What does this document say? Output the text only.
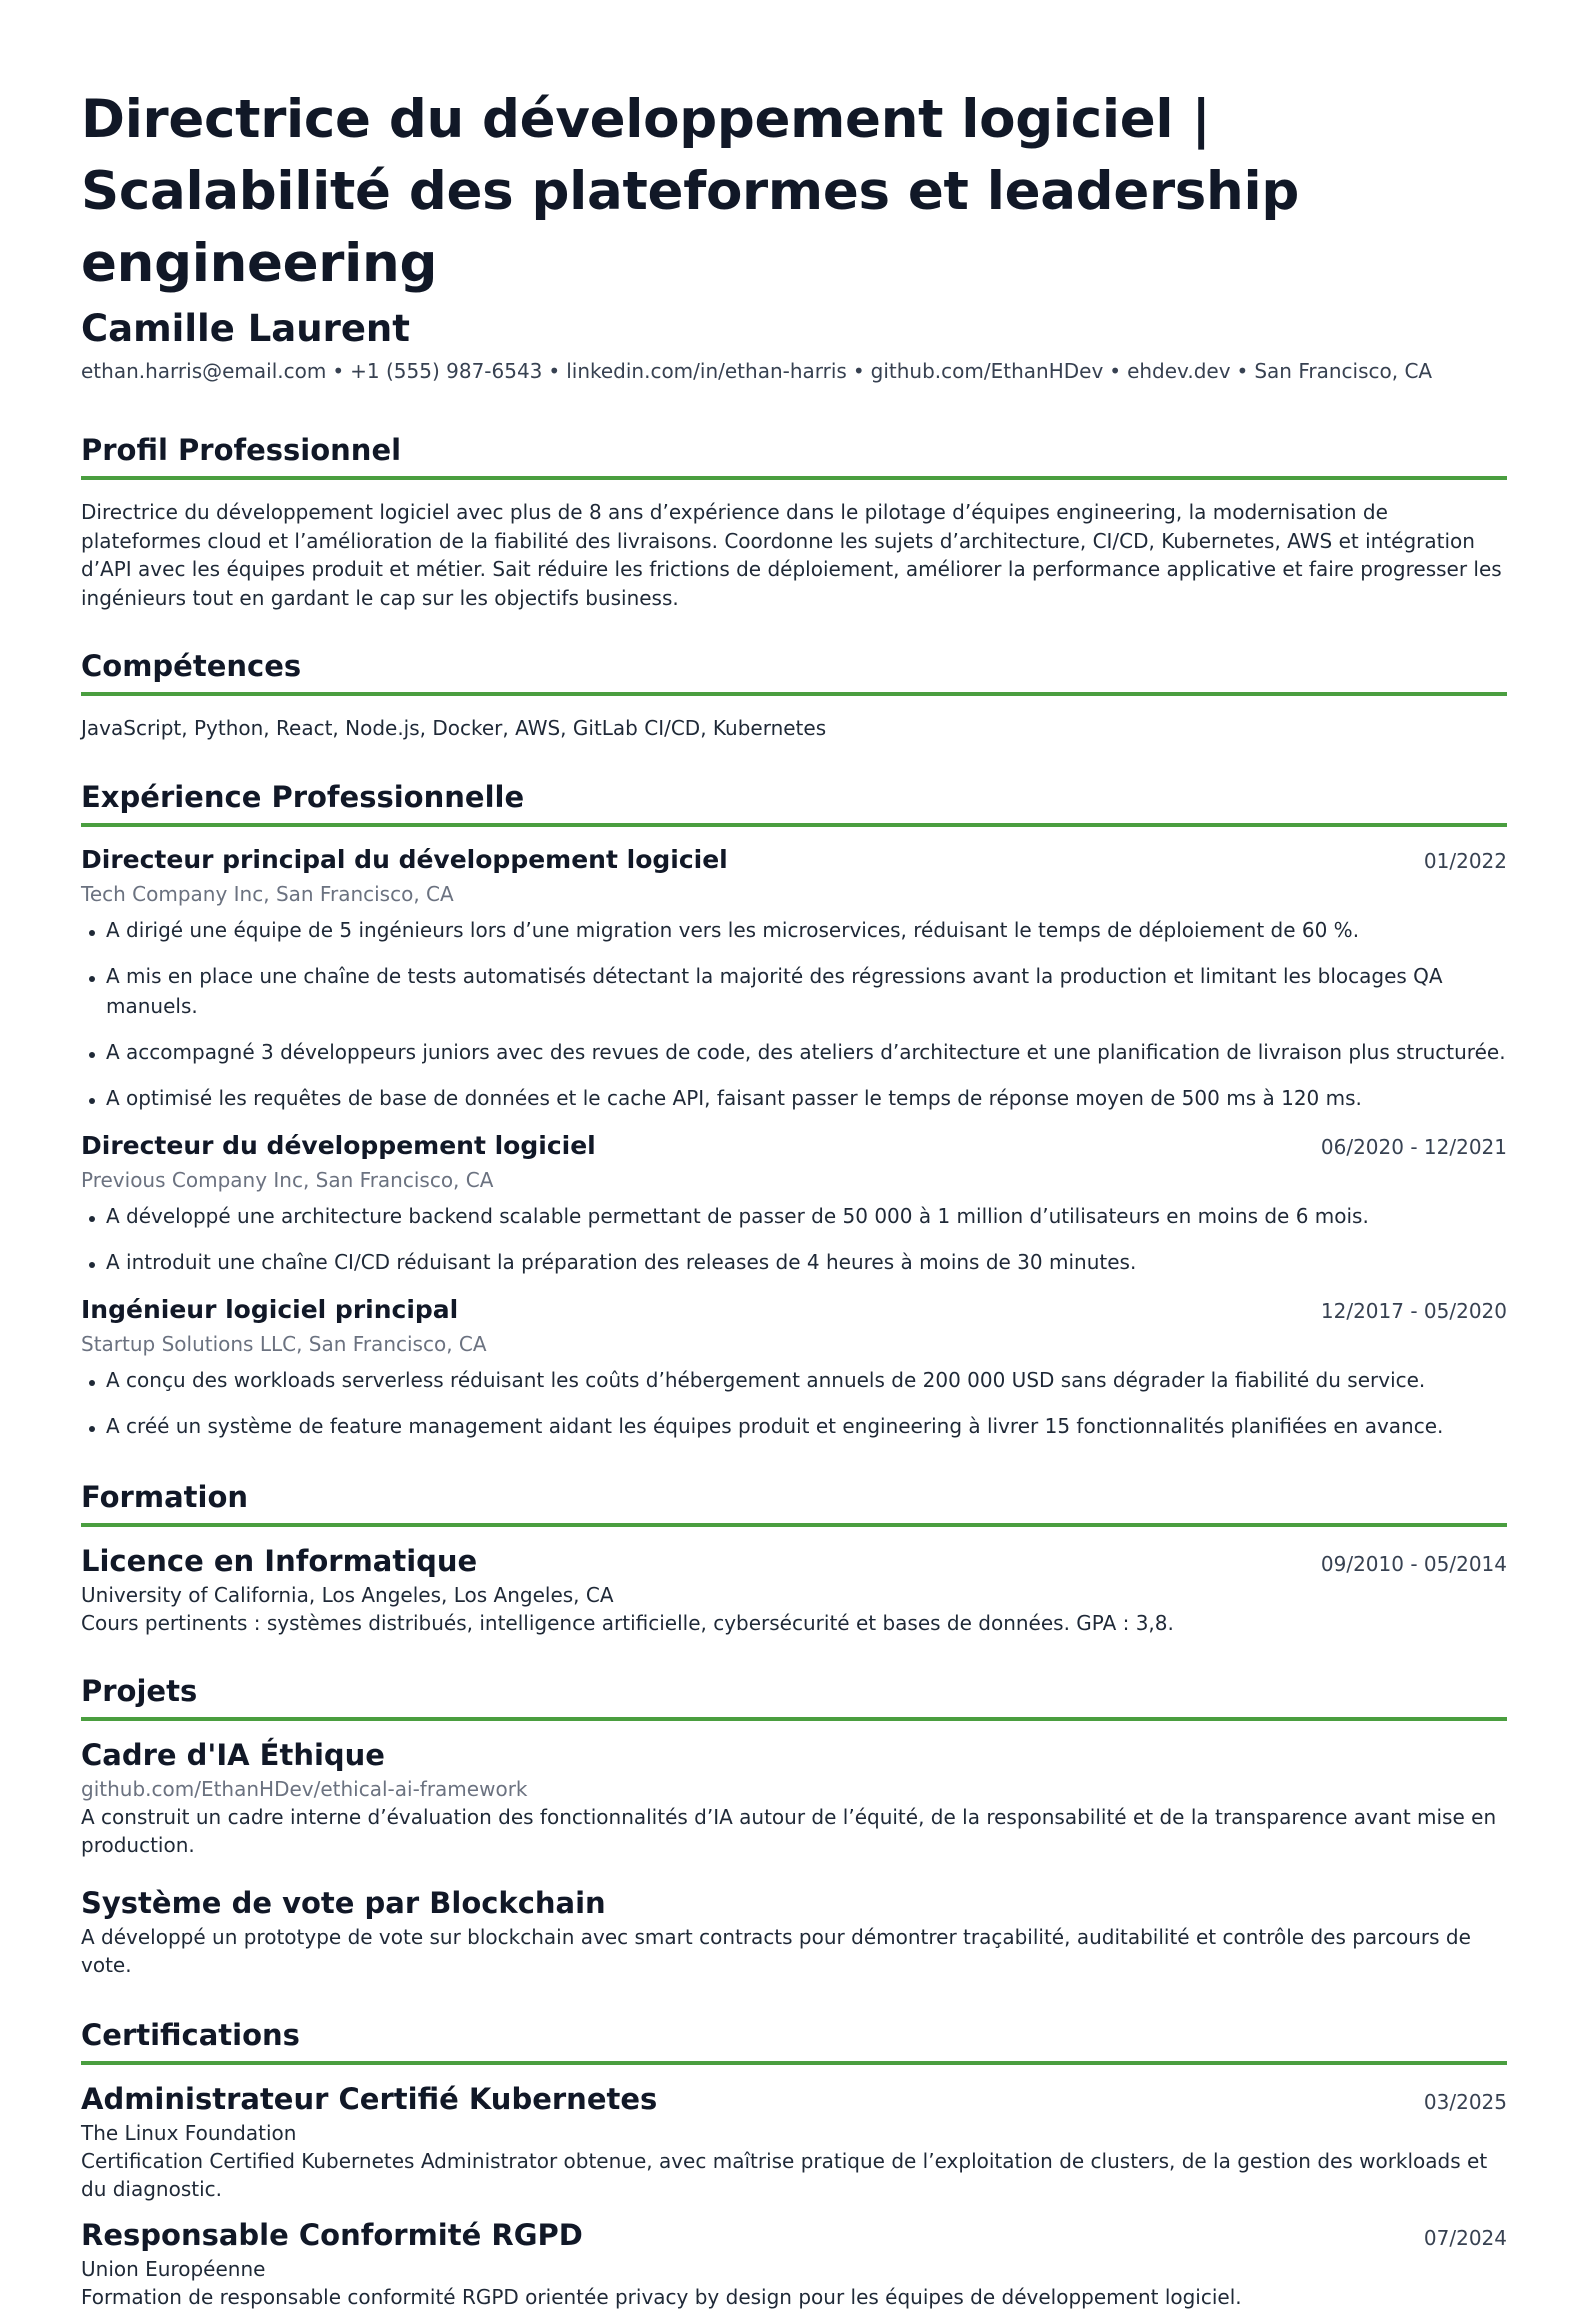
Directrice du développement logiciel | Scalabilité des plateformes et leadership engineering
Camille Laurent
ethan.harris@email.com • +1 (555) 987-6543 • linkedin.com/in/ethan-harris • github.com/EthanHDev • ehdev.dev • San Francisco, CA
Profil Professionnel

Directrice du développement logiciel avec plus de 8 ans d’expérience dans le pilotage d’équipes engineering, la modernisation de plateformes cloud et l’amélioration de la fiabilité des livraisons. Coordonne les sujets d’architecture, CI/CD, Kubernetes, AWS et intégration d’API avec les équipes produit et métier. Sait réduire les frictions de déploiement, améliorer la performance applicative et faire progresser les ingénieurs tout en gardant le cap sur les objectifs business.

Compétences

JavaScript, Python, React, Node.js, Docker, AWS, GitLab CI/CD, Kubernetes

Expérience Professionnelle
Directeur principal du développement logiciel	01/2022
Tech Company Inc, San Francisco, CA
A dirigé une équipe de 5 ingénieurs lors d’une migration vers les microservices, réduisant le temps de déploiement de 60 %.
A mis en place une chaîne de tests automatisés détectant la majorité des régressions avant la production et limitant les blocages QA manuels.
A accompagné 3 développeurs juniors avec des revues de code, des ateliers d’architecture et une planification de livraison plus structurée.
A optimisé les requêtes de base de données et le cache API, faisant passer le temps de réponse moyen de 500 ms à 120 ms.
Directeur du développement logiciel	06/2020 - 12/2021
Previous Company Inc, San Francisco, CA
A développé une architecture backend scalable permettant de passer de 50 000 à 1 million d’utilisateurs en moins de 6 mois.
A introduit une chaîne CI/CD réduisant la préparation des releases de 4 heures à moins de 30 minutes.
Ingénieur logiciel principal	12/2017 - 05/2020
Startup Solutions LLC, San Francisco, CA
A conçu des workloads serverless réduisant les coûts d’hébergement annuels de 200 000 USD sans dégrader la fiabilité du service.
A créé un système de feature management aidant les équipes produit et engineering à livrer 15 fonctionnalités planifiées en avance.
Formation
Licence en Informatique	09/2010 - 05/2014
University of California, Los Angeles, Los Angeles, CA
Cours pertinents : systèmes distribués, intelligence artificielle, cybersécurité et bases de données. GPA : 3,8.
Projets
Cadre d'IA Éthique
github.com/EthanHDev/ethical-ai-framework
A construit un cadre interne d’évaluation des fonctionnalités d’IA autour de l’équité, de la responsabilité et de la transparence avant mise en production.
Système de vote par Blockchain
A développé un prototype de vote sur blockchain avec smart contracts pour démontrer traçabilité, auditabilité et contrôle des parcours de vote.
Certifications
Administrateur Certifié Kubernetes	03/2025
The Linux Foundation
Certification Certified Kubernetes Administrator obtenue, avec maîtrise pratique de l’exploitation de clusters, de la gestion des workloads et du diagnostic.
Responsable Conformité RGPD	07/2024
Union Européenne
Formation de responsable conformité RGPD orientée privacy by design pour les équipes de développement logiciel.
